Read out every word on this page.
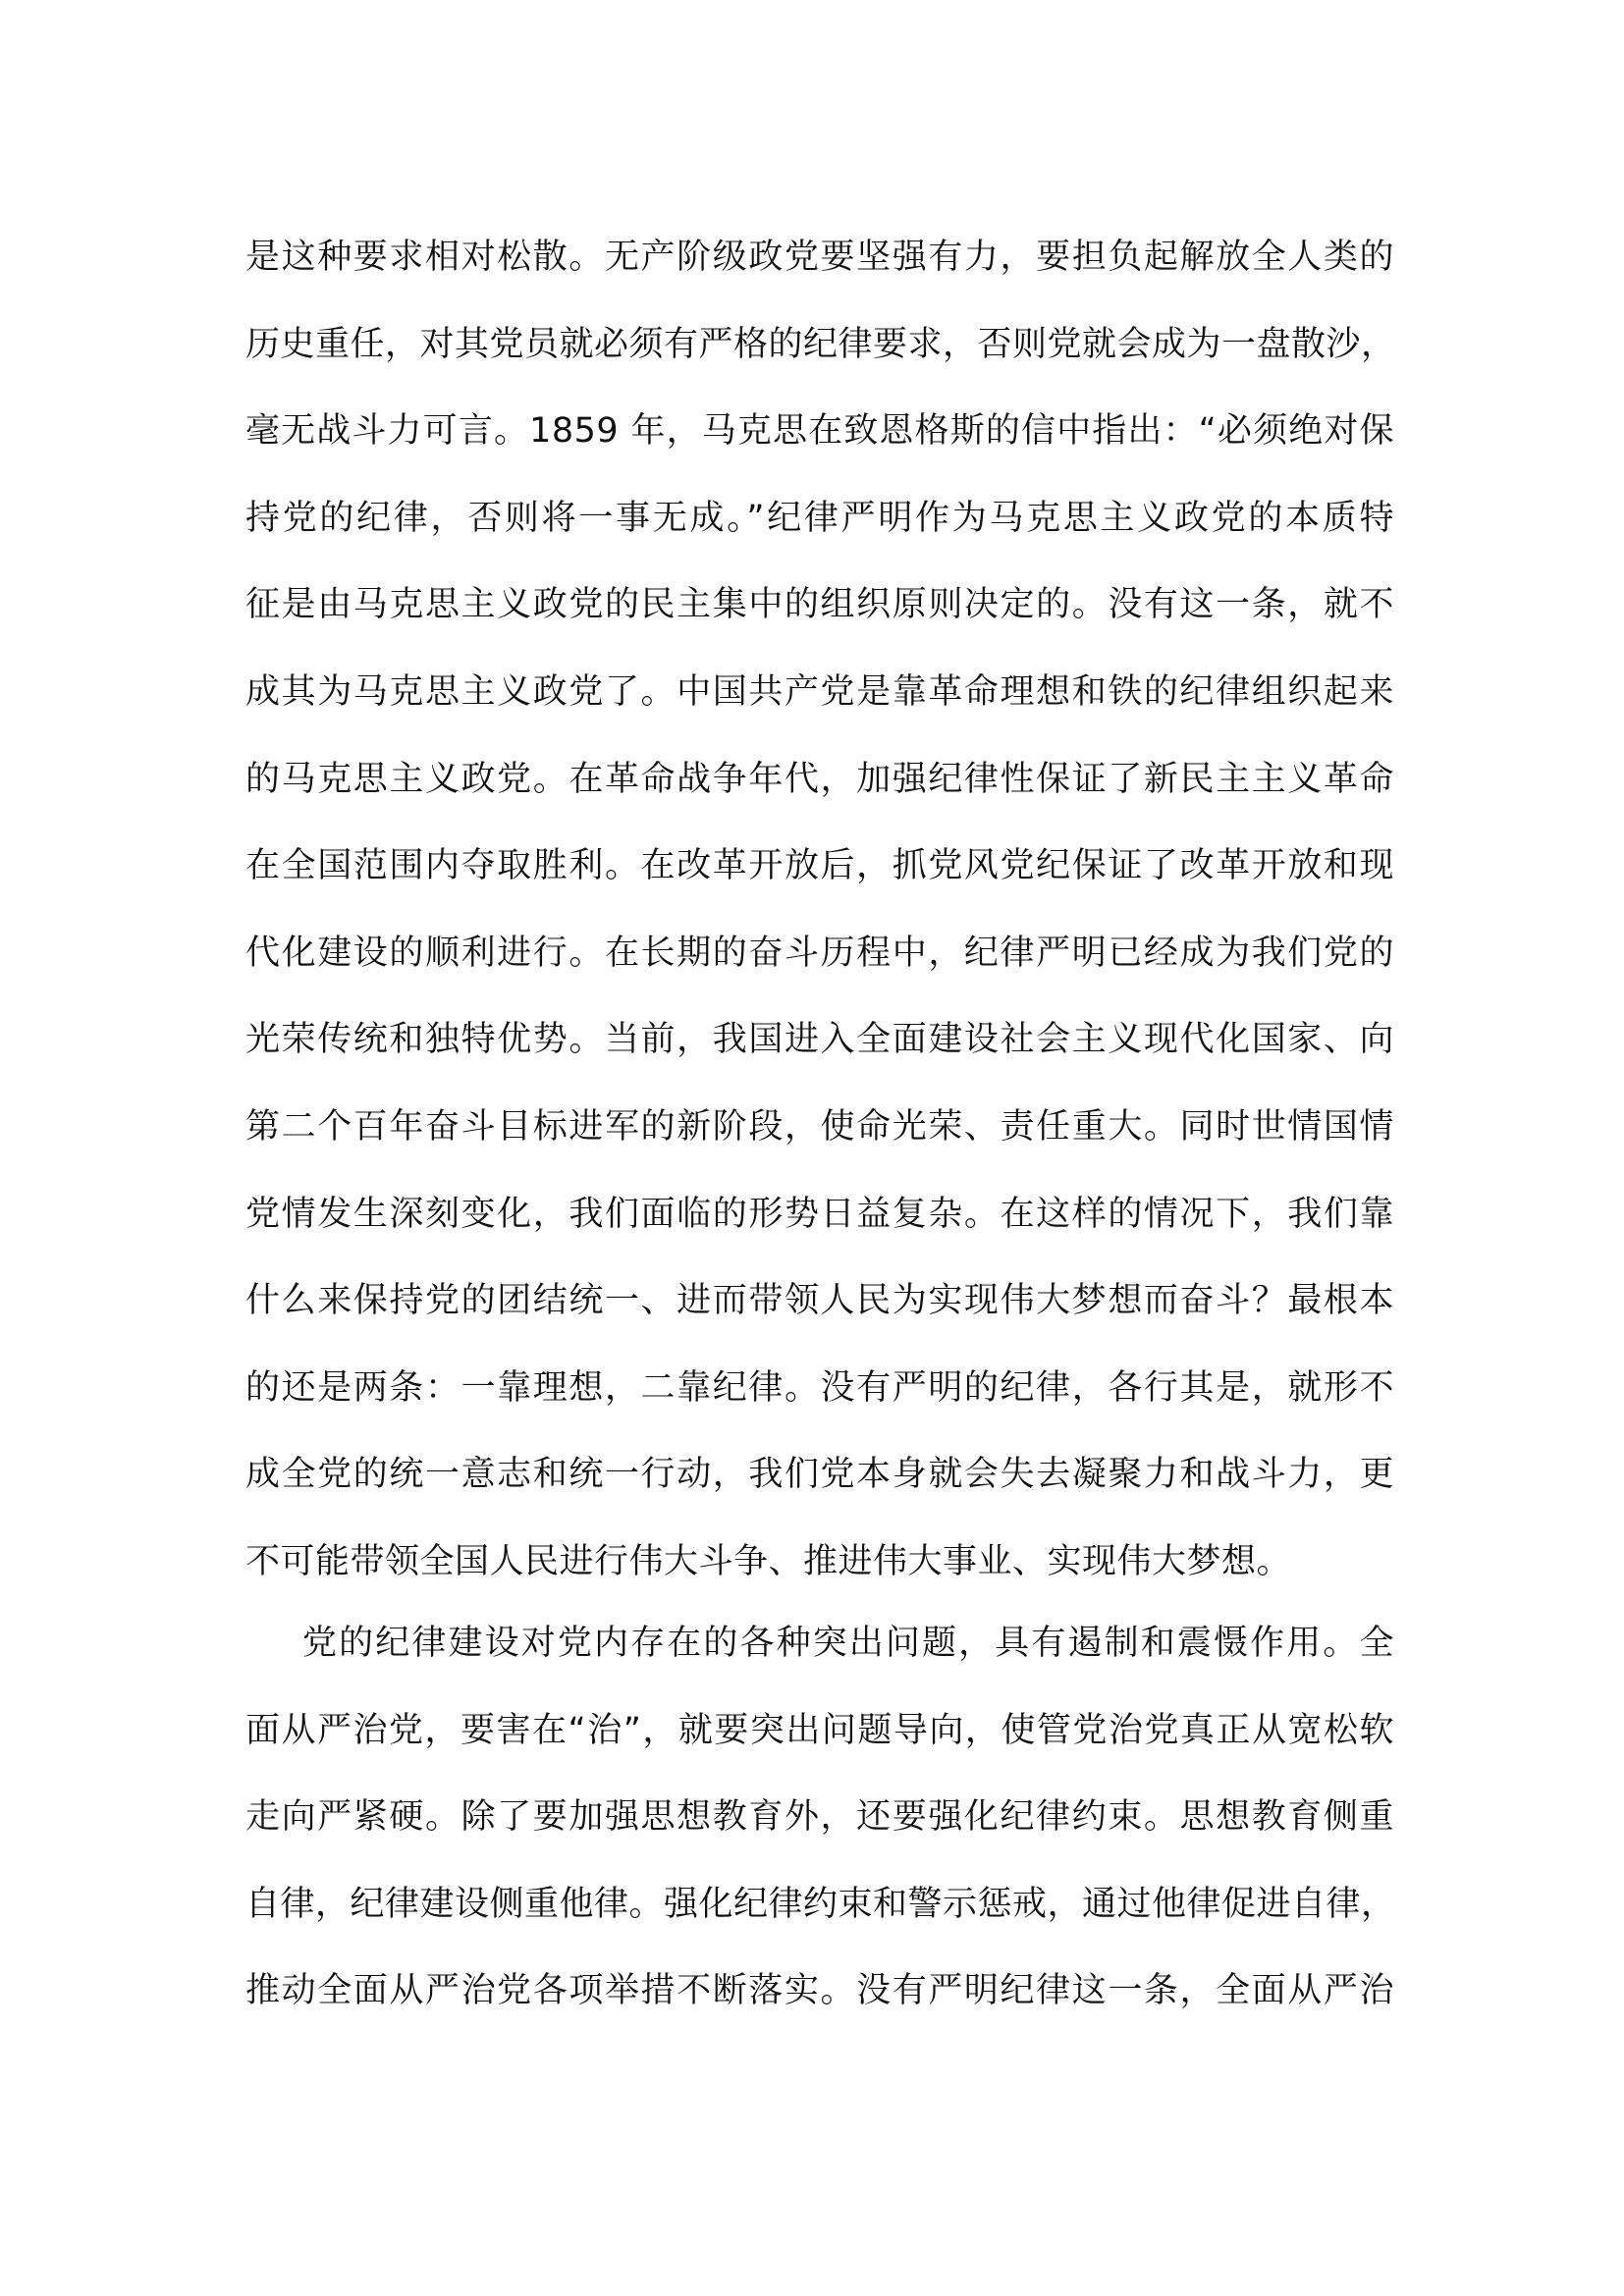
是这种要求相对松散。无产阶级政党要坚强有力，要担负起解放全人类的
历史重任，对其党员就必须有严格的纪律要求，否则党就会成为一盘散沙，
毫无战斗力可言。1859 年，马克思在致恩格斯的信中指出：“必须绝对保
持党的纪律，否则将一事无成。”纪律严明作为马克思主义政党的本质特
征是由马克思主义政党的民主集中的组织原则决定的。没有这一条，就不
成其为马克思主义政党了。中国共产党是靠革命理想和铁的纪律组织起来
的马克思主义政党。在革命战争年代，加强纪律性保证了新民主主义革命
在全国范围内夺取胜利。在改革开放后，抓党风党纪保证了改革开放和现
代化建设的顺利进行。在长期的奋斗历程中，纪律严明已经成为我们党的
光荣传统和独特优势。当前，我国进入全面建设社会主义现代化国家、向
第二个百年奋斗目标进军的新阶段，使命光荣、责任重大。同时世情国情
党情发生深刻变化，我们面临的形势日益复杂。在这样的情况下，我们靠
什么来保持党的团结统一、进而带领人民为实现伟大梦想而奋斗？最根本
的还是两条：一靠理想，二靠纪律。没有严明的纪律，各行其是，就形不
成全党的统一意志和统一行动，我们党本身就会失去凝聚力和战斗力，更
不可能带领全国人民进行伟大斗争、推进伟大事业、实现伟大梦想。
党的纪律建设对党内存在的各种突出问题，具有遏制和震慑作用。全
面从严治党，要害在“治”，就要突出问题导向，使管党治党真正从宽松软
走向严紧硬。除了要加强思想教育外，还要强化纪律约束。思想教育侧重
自律，纪律建设侧重他律。强化纪律约束和警示惩戒，通过他律促进自律，
推动全面从严治党各项举措不断落实。没有严明纪律这一条，全面从严治
